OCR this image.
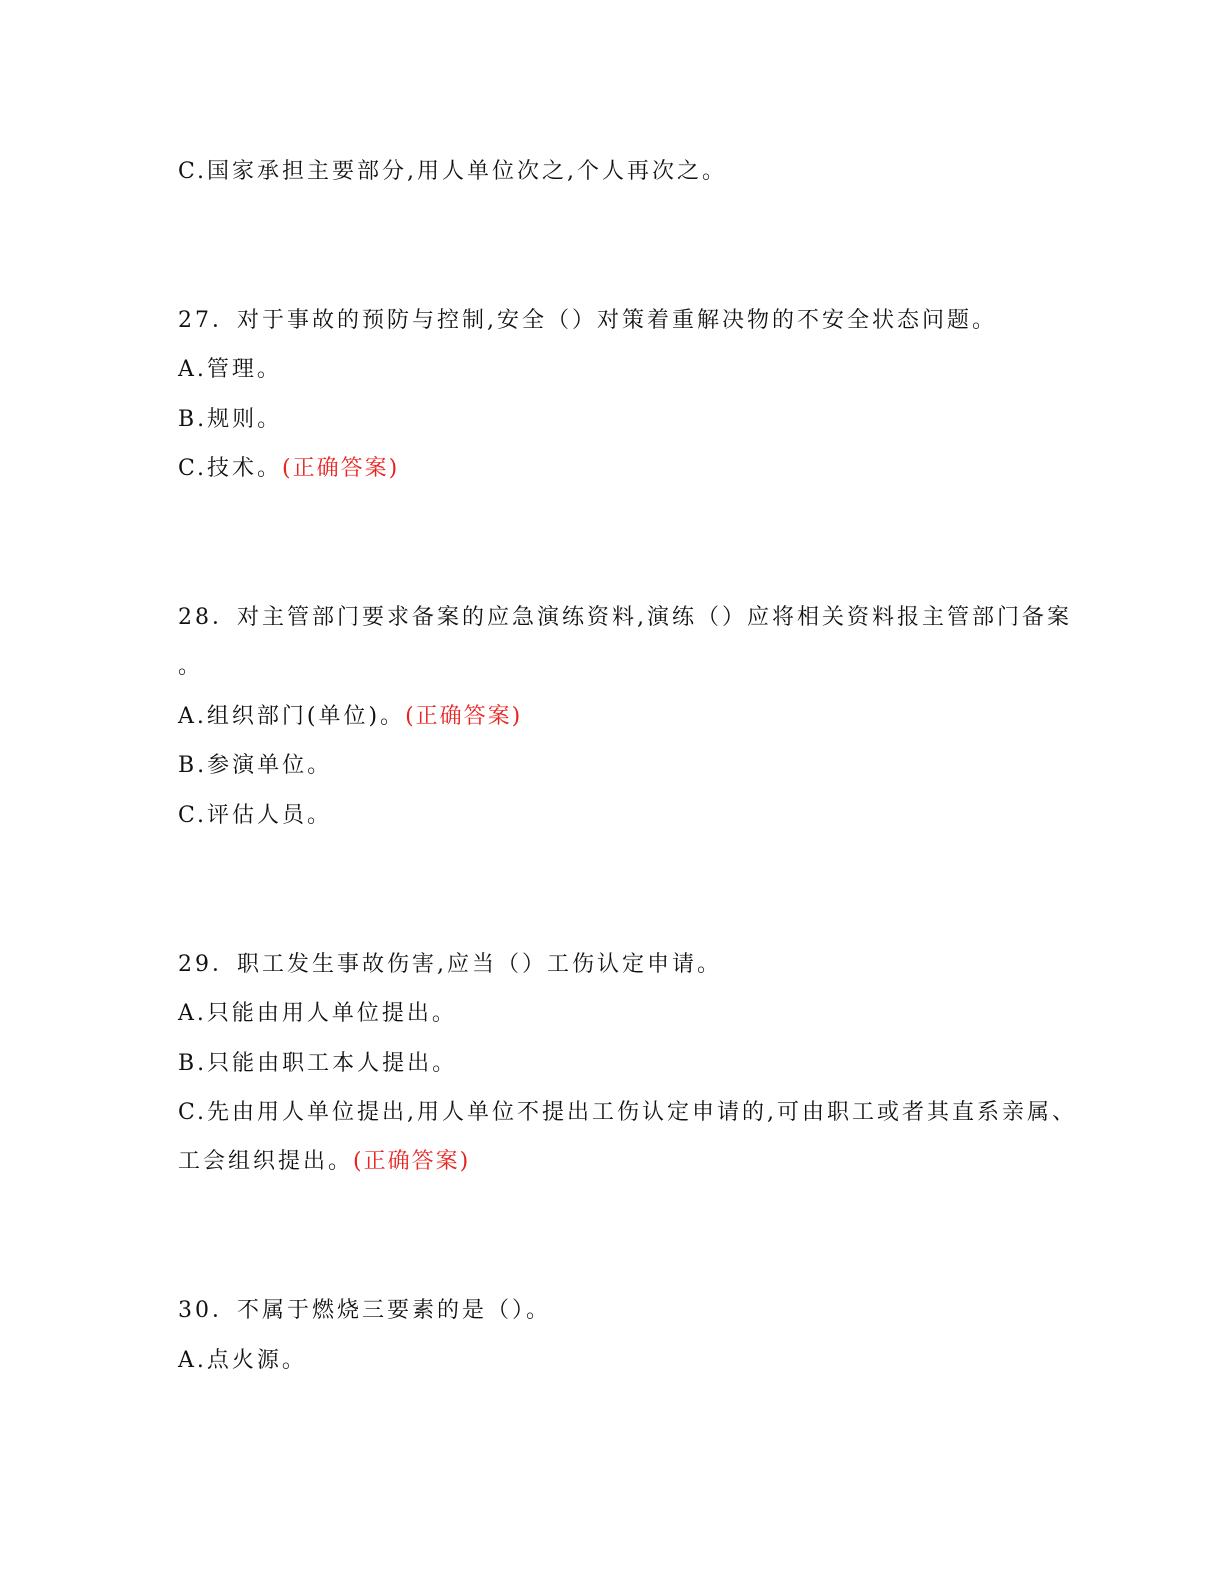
C.国家承担主要部分,用人单位次之,个人再次之。
27．对于事故的预防与控制,安全（）对策着重解决物的不安全状态问题。
A.管理。
B.规则。
C.技术。(正确答案)
28．对主管部门要求备案的应急演练资料,演练（）应将相关资料报主管部门备案
。
A.组织部门(单位)。(正确答案)
B.参演单位。
C.评估人员。
29．职工发生事故伤害,应当（）工伤认定申请。
A.只能由用人单位提出。
B.只能由职工本人提出。
C.先由用人单位提出,用人单位不提出工伤认定申请的,可由职工或者其直系亲属、
工会组织提出。(正确答案)
30．不属于燃烧三要素的是（）。
A.点火源。
